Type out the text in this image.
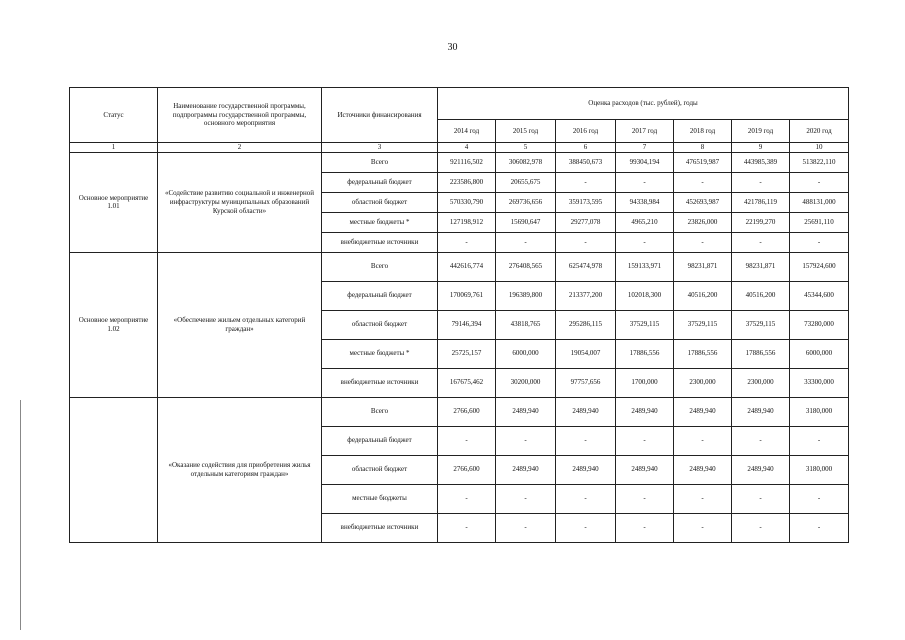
30
Статус	Наименование государственной программы, подпрограммы государственной программы, основного мероприятия	Источники финансирования	Оценка расходов (тыс. рублей), годы						
			2014 год	2015 год	2016 год	2017 год	2018 год	2019 год	2020 год
1	2	3	4	5	6	7	8	9	10
Основное мероприятие 1.01	«Содействие развитию социальной и инженерной инфраструктуры муниципальных образований Курской области»	Всего	921116,502	306082,978	388450,673	99304,194	476519,987	443985,389	513822,110
		федеральный бюджет	223586,800	20655,675	-	-	-	-	-
		областной бюджет	570330,790	269736,656	359173,595	94338,984	452693,987	421786,119	488131,000
		местные бюджеты *	127198,912	15690,647	29277,078	4965,210	23826,000	22199,270	25691,110
		внебюджетные источники	-	-	-	-	-	-	-
Основное мероприятие 1.02	«Обеспечение жильем отдельных категорий граждан»	Всего	442616,774	276408,565	625474,978	159133,971	98231,871	98231,871	157924,600
		федеральный бюджет	170069,761	196389,800	213377,200	102018,300	40516,200	40516,200	45344,600
		областной бюджет	79146,394	43818,765	295286,115	37529,115	37529,115	37529,115	73280,000
		местные бюджеты *	25725,157	6000,000	19054,007	17886,556	17886,556	17886,556	6000,000
		внебюджетные источники	167675,462	30200,000	97757,656	1700,000	2300,000	2300,000	33300,000
	«Оказание содействия для приобретения жилья отдельным категориям граждан»	Всего	2766,600	2489,940	2489,940	2489,940	2489,940	2489,940	3180,000
		федеральный бюджет	-	-	-	-	-	-	-
		областной бюджет	2766,600	2489,940	2489,940	2489,940	2489,940	2489,940	3180,000
		местные бюджеты	-	-	-	-	-	-	-
		внебюджетные источники	-	-	-	-	-	-	-
